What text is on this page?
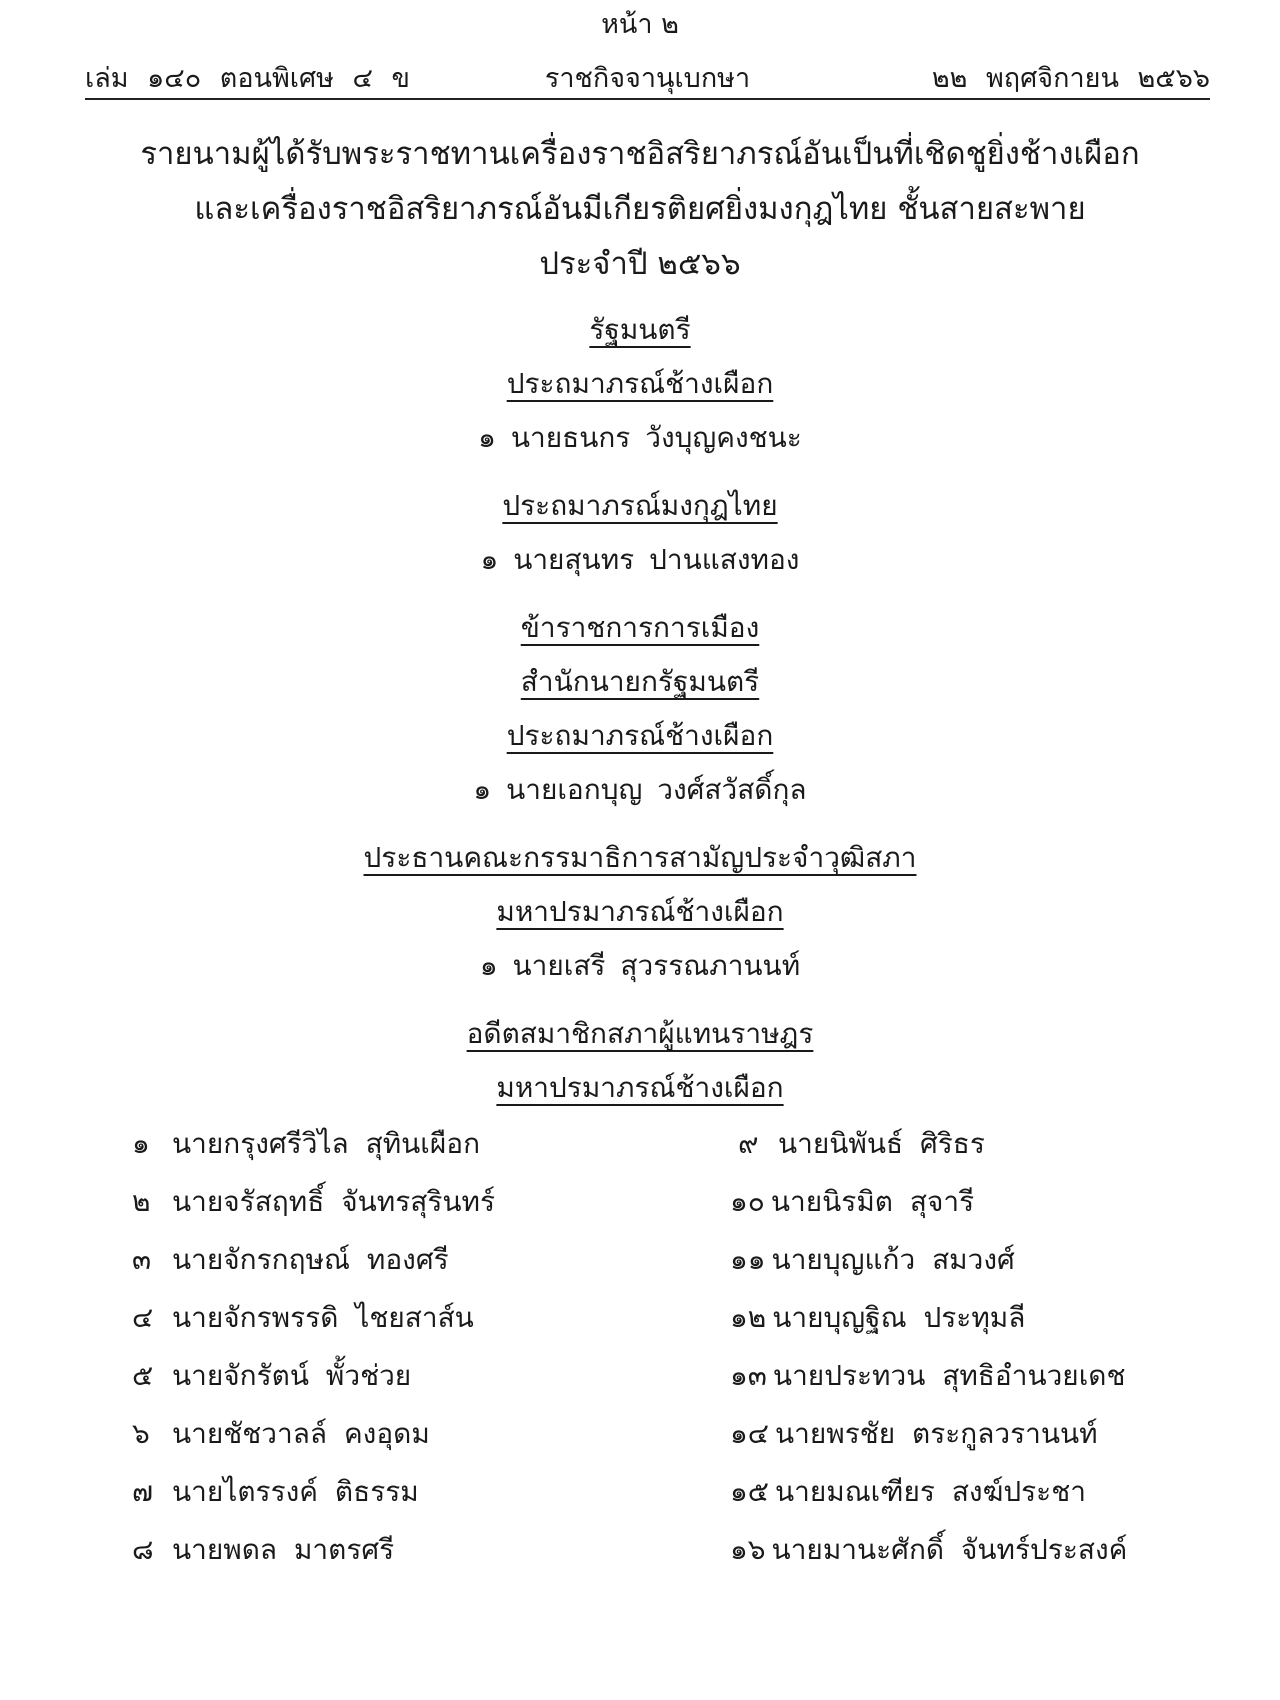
หน้า ๒
เล่ม ๑๔๐ ตอนพิเศษ ๔ ข	ราชกิจจานุเบกษา	๒๒ พฤศจิกายน ๒๕๖๖
รายนามผู้ได้รับพระราชทานเครื่องราชอิสริยาภรณ์อันเป็นที่เชิดชูยิ่งช้างเผือก
และเครื่องราชอิสริยาภรณ์อันมีเกียรติยศยิ่งมงกุฎไทย ชั้นสายสะพาย
ประจำปี ๒๕๖๖
รัฐมนตรี
ประถมาภรณ์ช้างเผือก
๑ นายธนกร วังบุญคงชนะ
ประถมาภรณ์มงกุฎไทย
๑ นายสุนทร ปานแสงทอง
ข้าราชการการเมือง
สำนักนายกรัฐมนตรี
ประถมาภรณ์ช้างเผือก
๑ นายเอกบุญ วงศ์สวัสดิ์กุล
ประธานคณะกรรมาธิการสามัญประจำวุฒิสภา
มหาปรมาภรณ์ช้างเผือก
๑ นายเสรี สุวรรณภานนท์
อดีตสมาชิกสภาผู้แทนราษฎร
มหาปรมาภรณ์ช้างเผือก
๑ นายกรุงศรีวิไล สุทินเผือก
๒ นายจรัสฤทธิ์ จันทรสุรินทร์
๓ นายจักรกฤษณ์ ทองศรี
๔ นายจักรพรรดิ ไชยสาส์น
๕ นายจักรัตน์ พั้วช่วย
๖ นายชัชวาลล์ คงอุดม
๗ นายไตรรงค์ ติธรรม
๘ นายพดล มาตรศรี
๙ นายนิพันธ์ ศิริธร
๑๐ นายนิรมิต สุจารี
๑๑ นายบุญแก้ว สมวงศ์
๑๒ นายบุญฐิณ ประทุมลี
๑๓ นายประทวน สุทธิอำนวยเดช
๑๔ นายพรชัย ตระกูลวรานนท์
๑๕ นายมณเฑียร สงฆ์ประชา
๑๖ นายมานะศักดิ์ จันทร์ประสงค์
